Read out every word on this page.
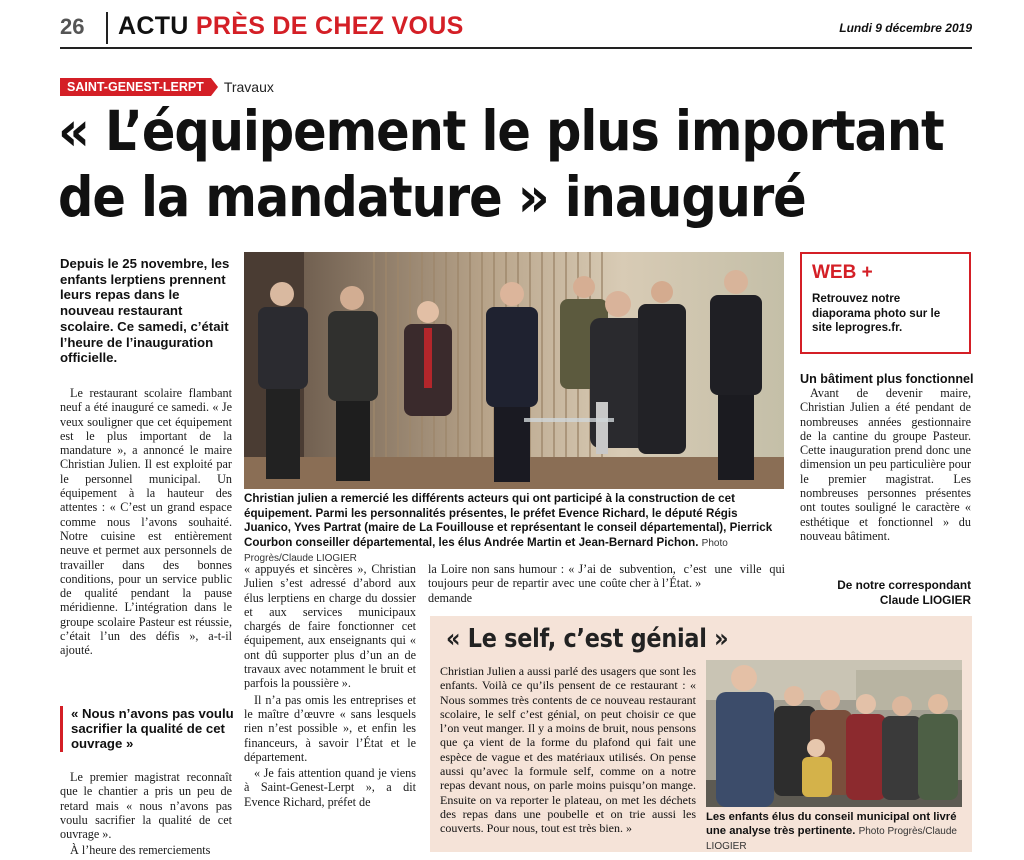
26 ACTU PRÈS DE CHEZ VOUS	Lundi 9 décembre 2019
SAINT-GENEST-LERPT	Travaux
« L’équipement le plus important
de la mandature » inauguré
Depuis le 25 novembre, les enfants lerptiens prennent leurs repas dans le nouveau restaurant scolaire. Ce samedi, c’était l’heure de l’inauguration officielle.

Le restaurant scolaire flambant neuf a été inauguré ce samedi. « Je veux souligner que cet équipement est le plus important de la mandature », a annoncé le maire Christian Julien. Il est exploité par le personnel municipal. Un équipement à la hauteur des attentes : « C’est un grand espace comme nous l’avons souhaité. Notre cuisine est entièrement neuve et permet aux personnels de travailler dans des bonnes conditions, pour un service public de qualité pendant la pause méridienne. L’intégration dans le groupe scolaire Pasteur est réussie, c’était l’un des défis », a-t-il ajouté.

« Nous n’avons pas voulu sacrifier la qualité de cet ouvrage »

Le premier magistrat reconnaît que le chantier a pris un peu de retard mais « nous n’avons pas voulu sacrifier la qualité de cet ouvrage ».

À l’heure des remerciements

Christian julien a remercié les différents acteurs qui ont participé à la construction de cet équipement. Parmi les personnalités présentes, le préfet Evence Richard, le député Régis Juanico, Yves Partrat (maire de La Fouillouse et représentant le conseil départemental), Pierrick Courbon conseiller départemental, les élus Andrée Martin et Jean-Bernard Pichon. Photo Progrès/Claude LIOGIER

« appuyés et sincères », Christian Julien s’est adressé d’abord aux élus lerptiens en charge du dossier et aux services municipaux chargés de faire fonctionner cet équipement, aux enseignants qui « ont dû supporter plus d’un an de travaux avec notamment le bruit et parfois la poussière ».

Il n’a pas omis les entreprises et le maître d’œuvre « sans lesquels rien n’est possible », et enfin les financeurs, à savoir l’État et le département.

« Je fais attention quand je viens à Saint-Genest-Lerpt », a dit Evence Richard, préfet de

la Loire non sans humour : « J’ai toujours peur de repartir avec une demande

de subvention, c’est une ville qui coûte cher à l’État. »

WEB +
Retrouvez notre diaporama photo sur le site leprogres.fr.
Un bâtiment plus fonctionnel

Avant de devenir maire, Christian Julien a été pendant de nombreuses années gestionnaire de la cantine du groupe Pasteur. Cette inauguration prend donc une dimension un peu particulière pour le premier magistrat. Les nombreuses personnes présentes ont toutes souligné le caractère « esthétique et fonctionnel » du nouveau bâtiment.

De notre correspondant
Claude LIOGIER
« Le self, c’est génial »

Christian Julien a aussi parlé des usagers que sont les enfants. Voilà ce qu’ils pensent de ce restaurant : « Nous sommes très contents de ce nouveau restaurant scolaire, le self c’est génial, on peut choisir ce que l’on veut manger. Il y a moins de bruit, nous pensons que ça vient de la forme du plafond qui fait une espèce de vague et des matériaux utilisés. On pense aussi qu’avec la formule self, comme on a notre repas devant nous, on parle moins puisqu’on mange. Ensuite on va reporter le plateau, on met les déchets des repas dans une poubelle et on trie aussi les couverts. Pour nous, tout est très bien. »

Les enfants élus du conseil municipal ont livré une analyse très pertinente. Photo Progrès/Claude LIOGIER
